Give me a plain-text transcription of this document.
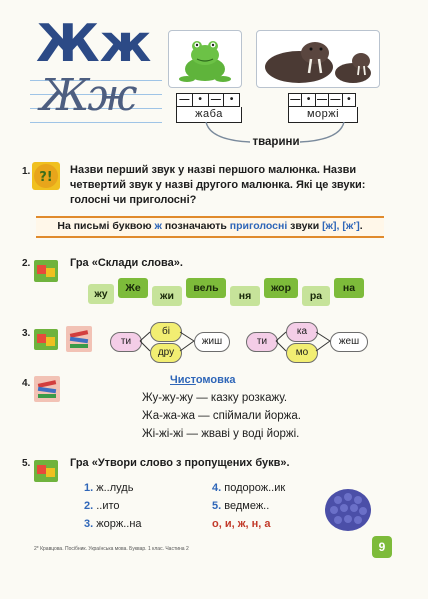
Жж
Жж	— • — •
жаба
— • — — •
моржі
тварини
1. ?! Назви перший звук у назві першого малюнка. Назви
четвертий звук у назві другого малюнка. Які це звуки:
голосні чи приголосні?
На письмі буквою ж позначають приголосні звуки [ж], [ж’].
2.	Гра «Склади слова».
жу	Же
жи
вель
ня
жор
ра
на
3.
ти
бі
дру
жиш	ти
ка
мо
жеш
4.	Чистомовка
Жу-жу-жу — казку розкажу.
Жа-жа-жа — спіймали йоржа.
Жі-жі-жі — жваві у воді йоржі.
5.	Гра «Утвори слово з пропущених букв».
1. ж..лудь
2. ..ито
3. жорж..на
4. подорож..ик
5. ведмеж..
о, и, ж, н, а
2* Кравцова. Посібник. Українська мова. Буквар. 1 клас. Частина 2	9
